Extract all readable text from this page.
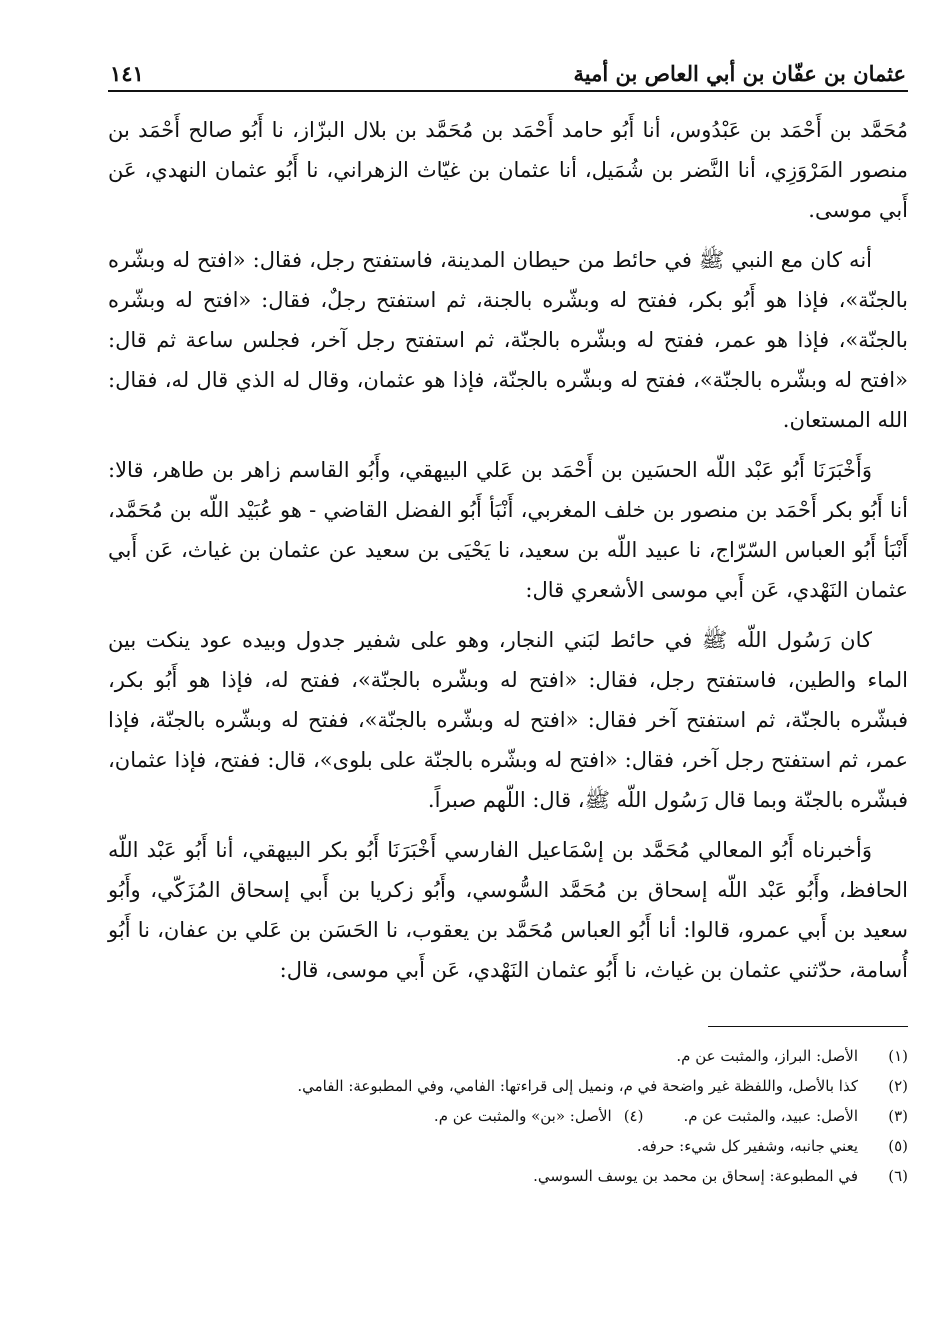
عثمان بن عفّان بن أبي العاص بن أمية
١٤١

مُحَمَّد بن أَحْمَد بن عَبْدُوس، أنا أَبُو حامد أَحْمَد بن مُحَمَّد بن بلال البزّاز، نا أَبُو صالح أَحْمَد بن منصور المَرْوَزِي، أنا النَّضر بن شُمَيل، أنا عثمان بن غيّاث الزهراني، نا أَبُو عثمان النهدي، عَن أَبي موسى.

أنه كان مع النبي ﷺ في حائط من حيطان المدينة، فاستفتح رجل، فقال: «افتح له وبشّره بالجنّة»، فإذا هو أَبُو بكر، ففتح له وبشّره بالجنة، ثم استفتح رجلٌ، فقال: «افتح له وبشّره بالجنّة»، فإذا هو عمر، ففتح له وبشّره بالجنّة، ثم استفتح رجل آخر، فجلس ساعة ثم قال: «افتح له وبشّره بالجنّة»، ففتح له وبشّره بالجنّة، فإذا هو عثمان، وقال له الذي قال له، فقال: الله المستعان.

وَأَخْبَرَنَا أَبُو عَبْد اللّه الحسَين بن أَحْمَد بن عَلي البيهقي، وأَبُو القاسم زاهر بن طاهر، قالا: أنا أَبُو بكر أَحْمَد بن منصور بن خلف المغربي، أَنْبَأ أَبُو الفضل القاضي - هو عُبَيْد اللّه بن مُحَمَّد، أَنْبَأ أَبُو العباس السّرّاج، نا عبيد اللّه بن سعيد، نا يَحْيَى بن سعيد عن عثمان بن غياث، عَن أَبي عثمان النَهْدي، عَن أَبي موسى الأشعري قال:

كان رَسُول اللّه ﷺ في حائط لبَني النجار، وهو على شفير جدول وبيده عود ينكت بين الماء والطين، فاستفتح رجل، فقال: «افتح له وبشّره بالجنّة»، ففتح له، فإذا هو أَبُو بكر، فبشّره بالجنّة، ثم استفتح آخر فقال: «افتح له وبشّره بالجنّة»، ففتح له وبشّره بالجنّة، فإذا عمر، ثم استفتح رجل آخر، فقال: «افتح له وبشّره بالجنّة على بلوى»، قال: ففتح، فإذا عثمان، فبشّره بالجنّة وبما قال رَسُول اللّه ﷺ، قال: اللّهم صبراً.

وَأخبرناه أَبُو المعالي مُحَمَّد بن إسْمَاعيل الفارسي أَخْبَرَنَا أَبُو بكر البيهقي، أنا أَبُو عَبْد اللّه الحافظ، وأَبُو عَبْد اللّه إسحاق بن مُحَمَّد السُّوسي، وأَبُو زكريا بن أَبي إسحاق المُزَكّي، وأَبُو سعيد بن أَبي عمرو، قالوا: أنا أَبُو العباس مُحَمَّد بن يعقوب، نا الحَسَن بن عَلي بن عفان، نا أَبُو أُسامة، حدّثني عثمان بن غياث، نا أَبُو عثمان النَهْدي، عَن أَبي موسى، قال:

(١)
الأصل: البراز، والمثبت عن م.
(٢)
كذا بالأصل، واللفظة غير واضحة في م، ونميل إلى قراءتها: الفامي، وفي المطبوعة: الفامي.
(٣)
الأصل: عبيد، والمثبت عن م.
(٤)
الأصل: «بن» والمثبت عن م.
(٥)
يعني جانبه، وشفير كل شيء: حرفه.
(٦)
في المطبوعة: إسحاق بن محمد بن يوسف السوسي.
